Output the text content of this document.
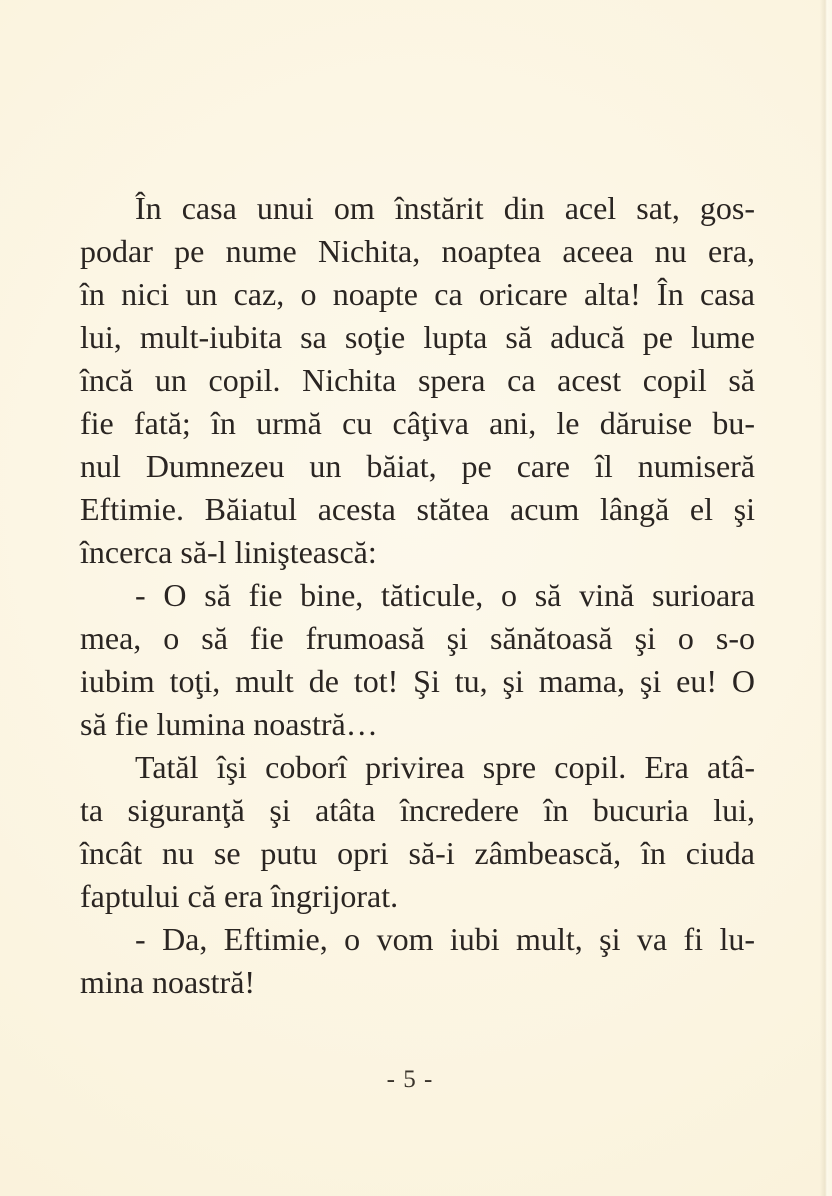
În casa unui om înstărit din acel sat, gos-
podar pe nume Nichita, noaptea aceea nu era,
în nici un caz, o noapte ca oricare alta! În casa
lui, mult-iubita sa soţie lupta să aducă pe lume
încă un copil. Nichita spera ca acest copil să
fie fată; în urmă cu câţiva ani, le dăruise bu-
nul Dumnezeu un băiat, pe care îl numiseră
Eftimie. Băiatul acesta stătea acum lângă el şi
încerca să-l liniştească:
- O să fie bine, tăticule, o să vină surioara
mea, o să fie frumoasă şi sănătoasă şi o s-o
iubim toţi, mult de tot! Şi tu, şi mama, şi eu! O
să fie lumina noastră…
Tatăl îşi coborî privirea spre copil. Era atâ-
ta siguranţă şi atâta încredere în bucuria lui,
încât nu se putu opri să-i zâmbească, în ciuda
faptului că era îngrijorat.
- Da, Eftimie, o vom iubi mult, şi va fi lu-
mina noastră!
- 5 -
